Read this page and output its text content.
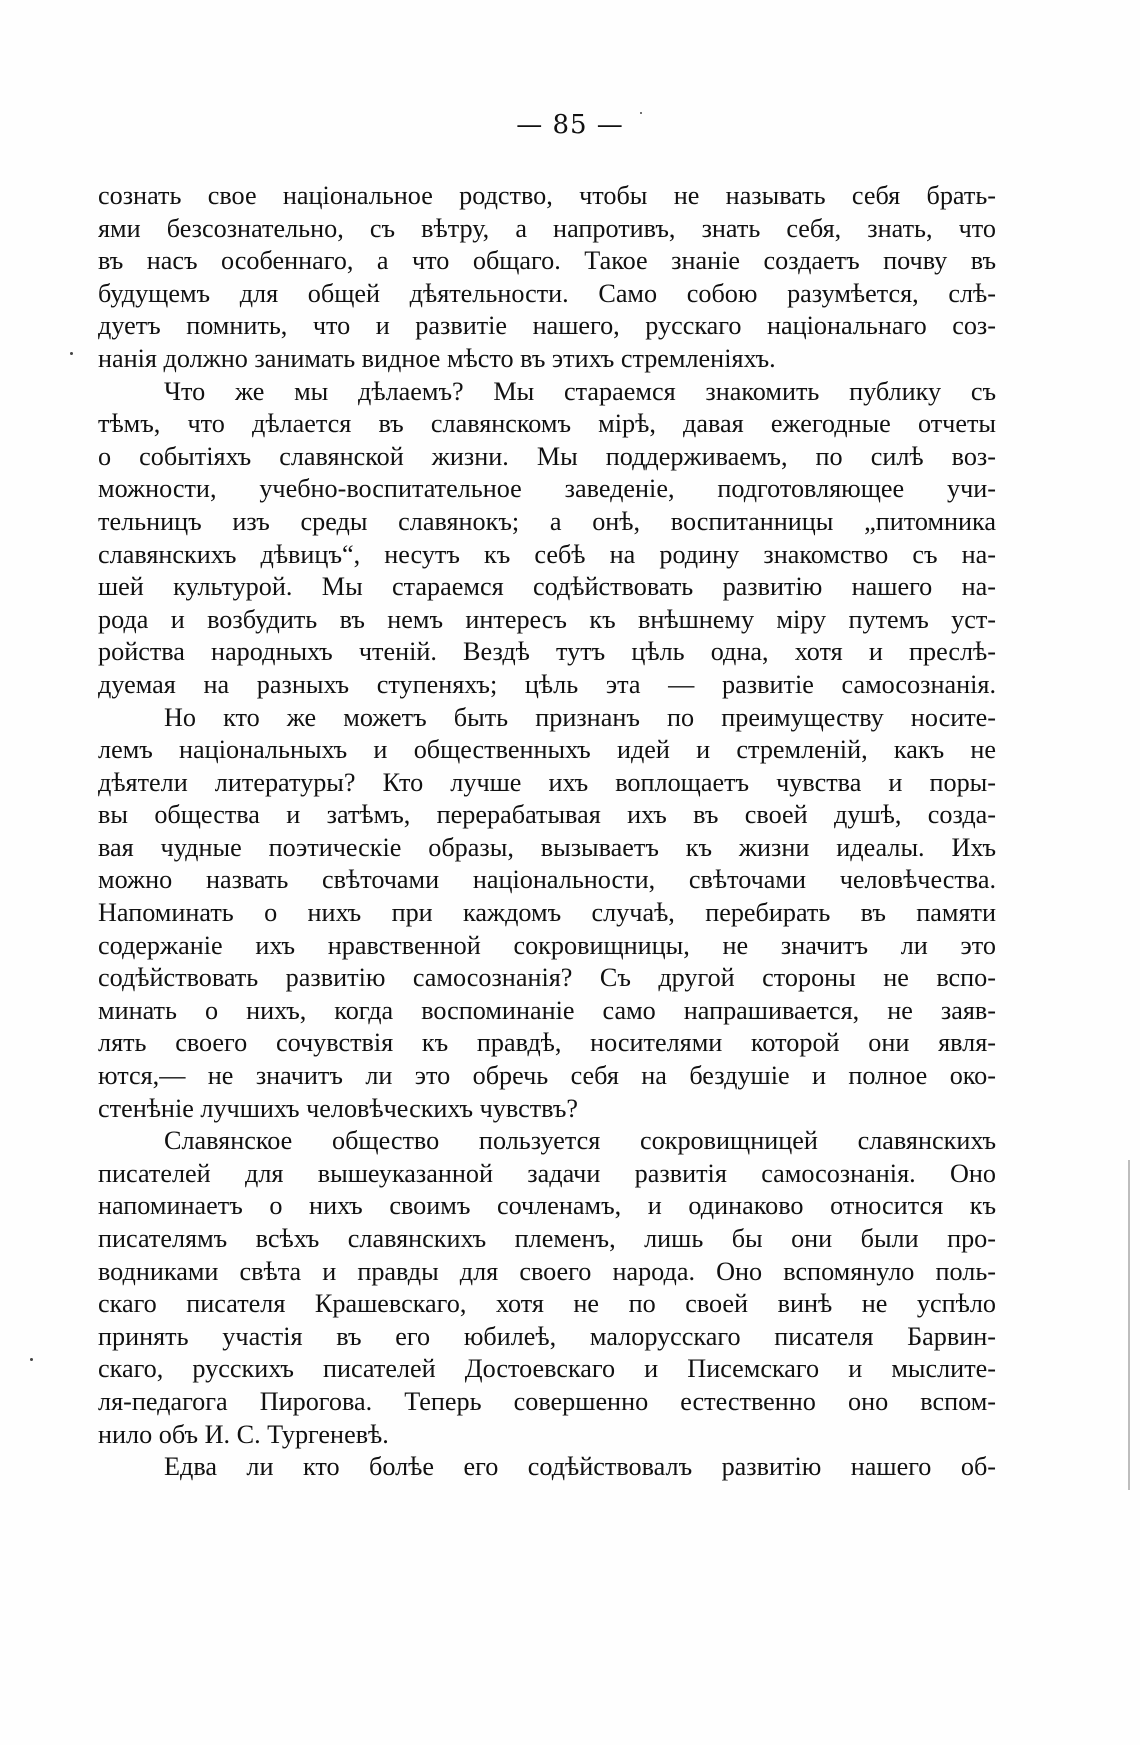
— 85 —
сознать свое національное родство, чтобы не называть себя брать-
ями безсознательно, съ вѣтру, а напротивъ, знать себя, знать, что
въ насъ особеннаго, а что общаго. Такое знаніе создаетъ почву въ
будущемъ для общей дѣятельности. Само собою разумѣется, слѣ-
дуетъ помнить, что и развитіе нашего, русскаго національнаго соз-
нанія должно занимать видное мѣсто въ этихъ стремленіяхъ.
Что же мы дѣлаемъ? Мы стараемся знакомить публику съ
тѣмъ, что дѣлается въ славянскомъ мірѣ, давая ежегодные отчеты
о событіяхъ славянской жизни. Мы поддерживаемъ, по силѣ воз-
можности, учебно-воспитательное заведеніе, подготовляющее учи-
тельницъ изъ среды славянокъ; а онѣ, воспитанницы „питомника
славянскихъ дѣвицъ“, несутъ къ себѣ на родину знакомство съ на-
шей культурой. Мы стараемся содѣйствовать развитію нашего на-
рода и возбудить въ немъ интересъ къ внѣшнему міру путемъ уст-
ройства народныхъ чтеній. Вездѣ тутъ цѣль одна, хотя и преслѣ-
дуемая на разныхъ ступеняхъ; цѣль эта — развитіе самосознанія.
Но кто же можетъ быть признанъ по преимуществу носите-
лемъ національныхъ и общественныхъ идей и стремленій, какъ не
дѣятели литературы? Кто лучше ихъ воплощаетъ чувства и поры-
вы общества и затѣмъ, перерабатывая ихъ въ своей душѣ, созда-
вая чудные поэтическіе образы, вызываетъ къ жизни идеалы. Ихъ
можно назвать свѣточами національности, свѣточами человѣчества.
Напоминать о нихъ при каждомъ случаѣ, перебирать въ памяти
содержаніе ихъ нравственной сокровищницы, не значитъ ли это
содѣйствовать развитію самосознанія? Съ другой стороны не вспо-
минать о нихъ, когда воспоминаніе само напрашивается, не заяв-
лять своего сочувствія къ правдѣ, носителями которой они явля-
ются,— не значитъ ли это обречь себя на бездушіе и полное око-
стенѣніе лучшихъ человѣческихъ чувствъ?
Славянское общество пользуется сокровищницей славянскихъ
писателей для вышеуказанной задачи развитія самосознанія. Оно
напоминаетъ о нихъ своимъ сочленамъ, и одинаково относится къ
писателямъ всѣхъ славянскихъ племенъ, лишь бы они были про-
водниками свѣта и правды для своего народа. Оно вспомянуло поль-
скаго писателя Крашевскаго, хотя не по своей винѣ не успѣло
принять участія въ его юбилеѣ, малорусскаго писателя Барвин-
скаго, русскихъ писателей Достоевскаго и Писемскаго и мыслите-
ля-педагога Пирогова. Теперь совершенно естественно оно вспом-
нило объ И. С. Тургеневѣ.
Едва ли кто болѣе его содѣйствовалъ развитію нашего об-
